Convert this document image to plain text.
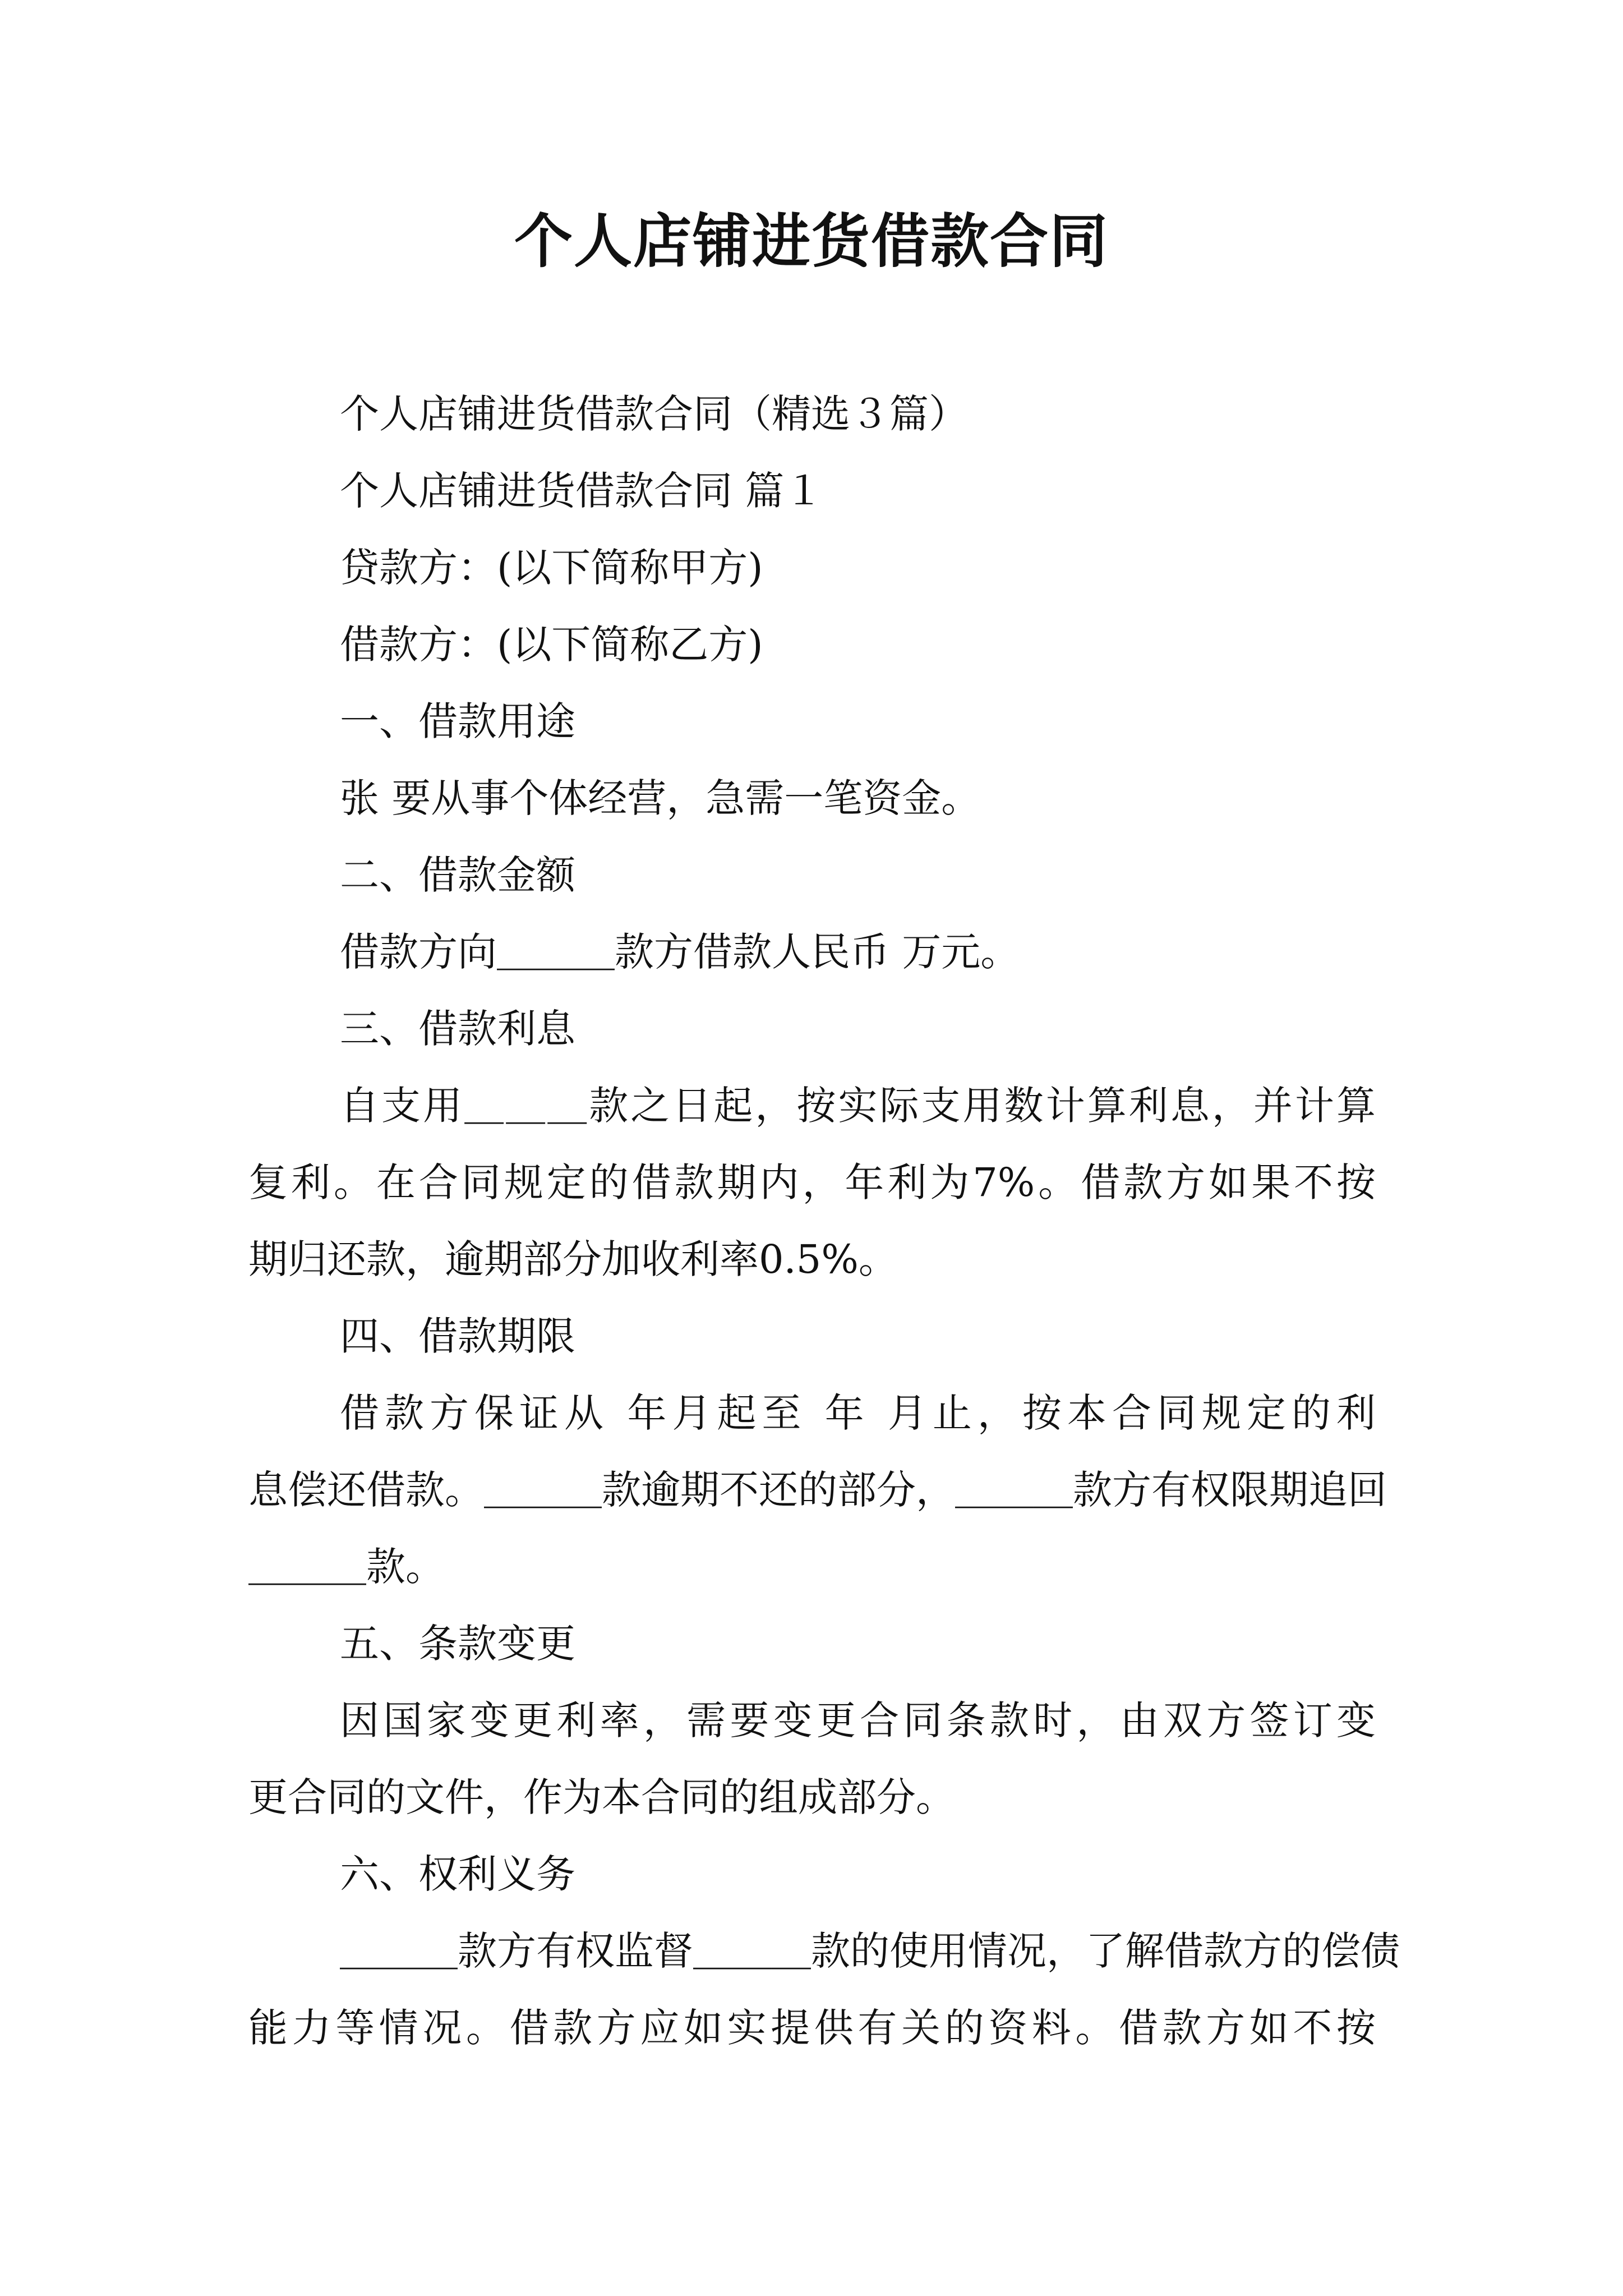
个人店铺进货借款合同
个人店铺进货借款合同（精选３篇）
个人店铺进货借款合同 篇１
贷款方：(以下简称甲方)
借款方：(以下简称乙方)
一、借款用途
张 要从事个体经营，急需一笔资金。
二、借款金额
借款方向＿＿＿款方借款人民币 万元。
三、借款利息
自支用＿＿＿款之日起，按实际支用数计算利息，并计算
复利。在合同规定的借款期内，年利为7%。借款方如果不按
期归还款，逾期部分加收利率0.5%。
四、借款期限
借款方保证从 年月起至 年 月止，按本合同规定的利
息偿还借款。＿＿＿款逾期不还的部分，＿＿＿款方有权限期追回
＿＿＿款。
五、条款变更
因国家变更利率，需要变更合同条款时，由双方签订变
更合同的文件，作为本合同的组成部分。
六、权利义务
＿＿＿款方有权监督＿＿＿款的使用情况，了解借款方的偿债
能力等情况。借款方应如实提供有关的资料。借款方如不按
